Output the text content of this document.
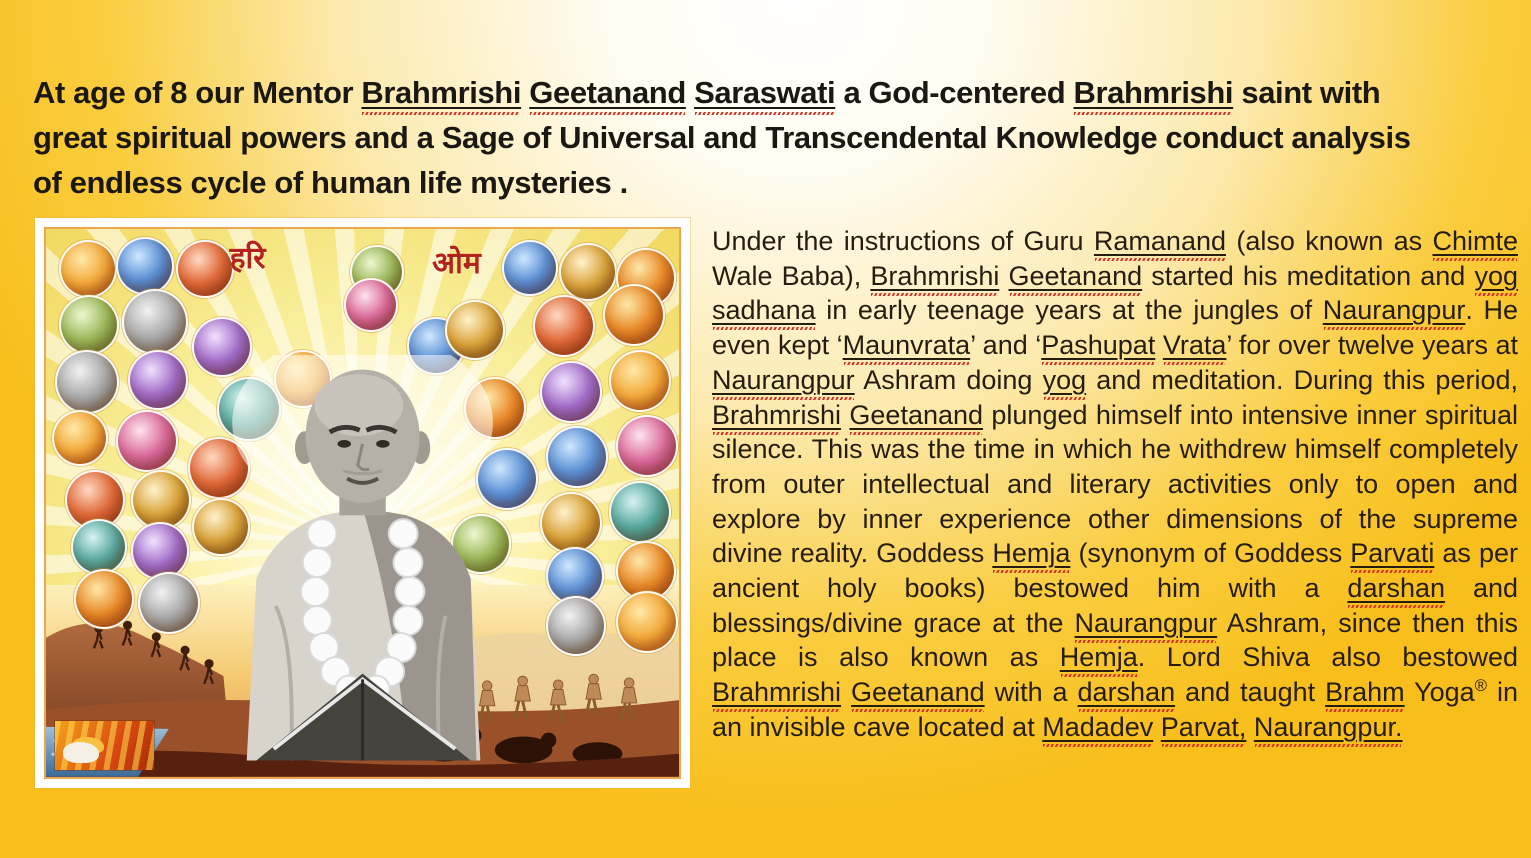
At age of 8 our Mentor Brahmrishi Geetanand Saraswati a God-centered Brahmrishi saint with
great spiritual powers and a Sage of Universal and Transcendental Knowledge conduct analysis
of endless cycle of human life mysteries .
हरि	ओम

Under the instructions of Guru Ramanand (also known as Chimte Wale Baba), Brahmrishi Geetanand started his meditation and yog sadhana in early teenage years at the jungles of Naurangpur. He even kept ‘Maunvrata’ and ‘Pashupat Vrata’ for over twelve years at Naurangpur Ashram doing yog and meditation. During this period, Brahmrishi Geetanand plunged himself into intensive inner spiritual silence. This was the time in which he withdrew himself completely from outer intellectual and literary activities only to open and explore by inner experience other dimensions of the supreme divine reality. Goddess Hemja (synonym of Goddess Parvati as per ancient holy books) bestowed him with a darshan and blessings/divine grace at the Naurangpur Ashram, since then this place is also known as Hemja. Lord Shiva also bestowed Brahmrishi Geetanand with a darshan and taught Brahm Yoga® in an invisible cave located at Madadev Parvat, Naurangpur.
